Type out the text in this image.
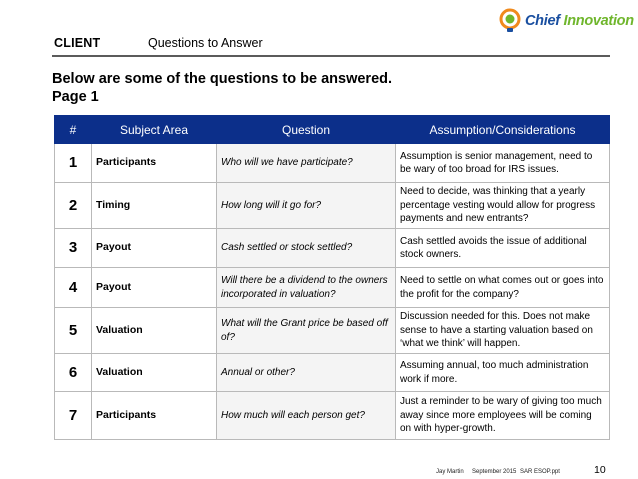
Chief Innovation
CLIENT	Questions to Answer
Below are some of the questions to be answered.
Page 1
#	Subject Area	Question	Assumption/Considerations
1	Participants	Who will we have participate?	Assumption is senior management, need to be wary of too broad for IRS issues.
2	Timing	How long will it go for?	Need to decide, was thinking that a yearly percentage vesting would allow for progress payments and new entrants?
3	Payout	Cash settled or stock settled?	Cash settled avoids the issue of additional stock owners.
4	Payout	Will there be a dividend to the owners incorporated in valuation?	Need to settle on what comes out or goes into the profit for the company?
5	Valuation	What will the Grant price be based off of?	Discussion needed for this. Does not make sense to have a starting valuation based on ‘what we think’ will happen.
6	Valuation	Annual or other?	Assuming annual, too much administration work if more.
7	Participants	How much will each person get?	Just a reminder to be wary of giving too much away since more employees will be coming on with hyper-growth.
Jay Martin September 2015 SAR ESOP.ppt	10
